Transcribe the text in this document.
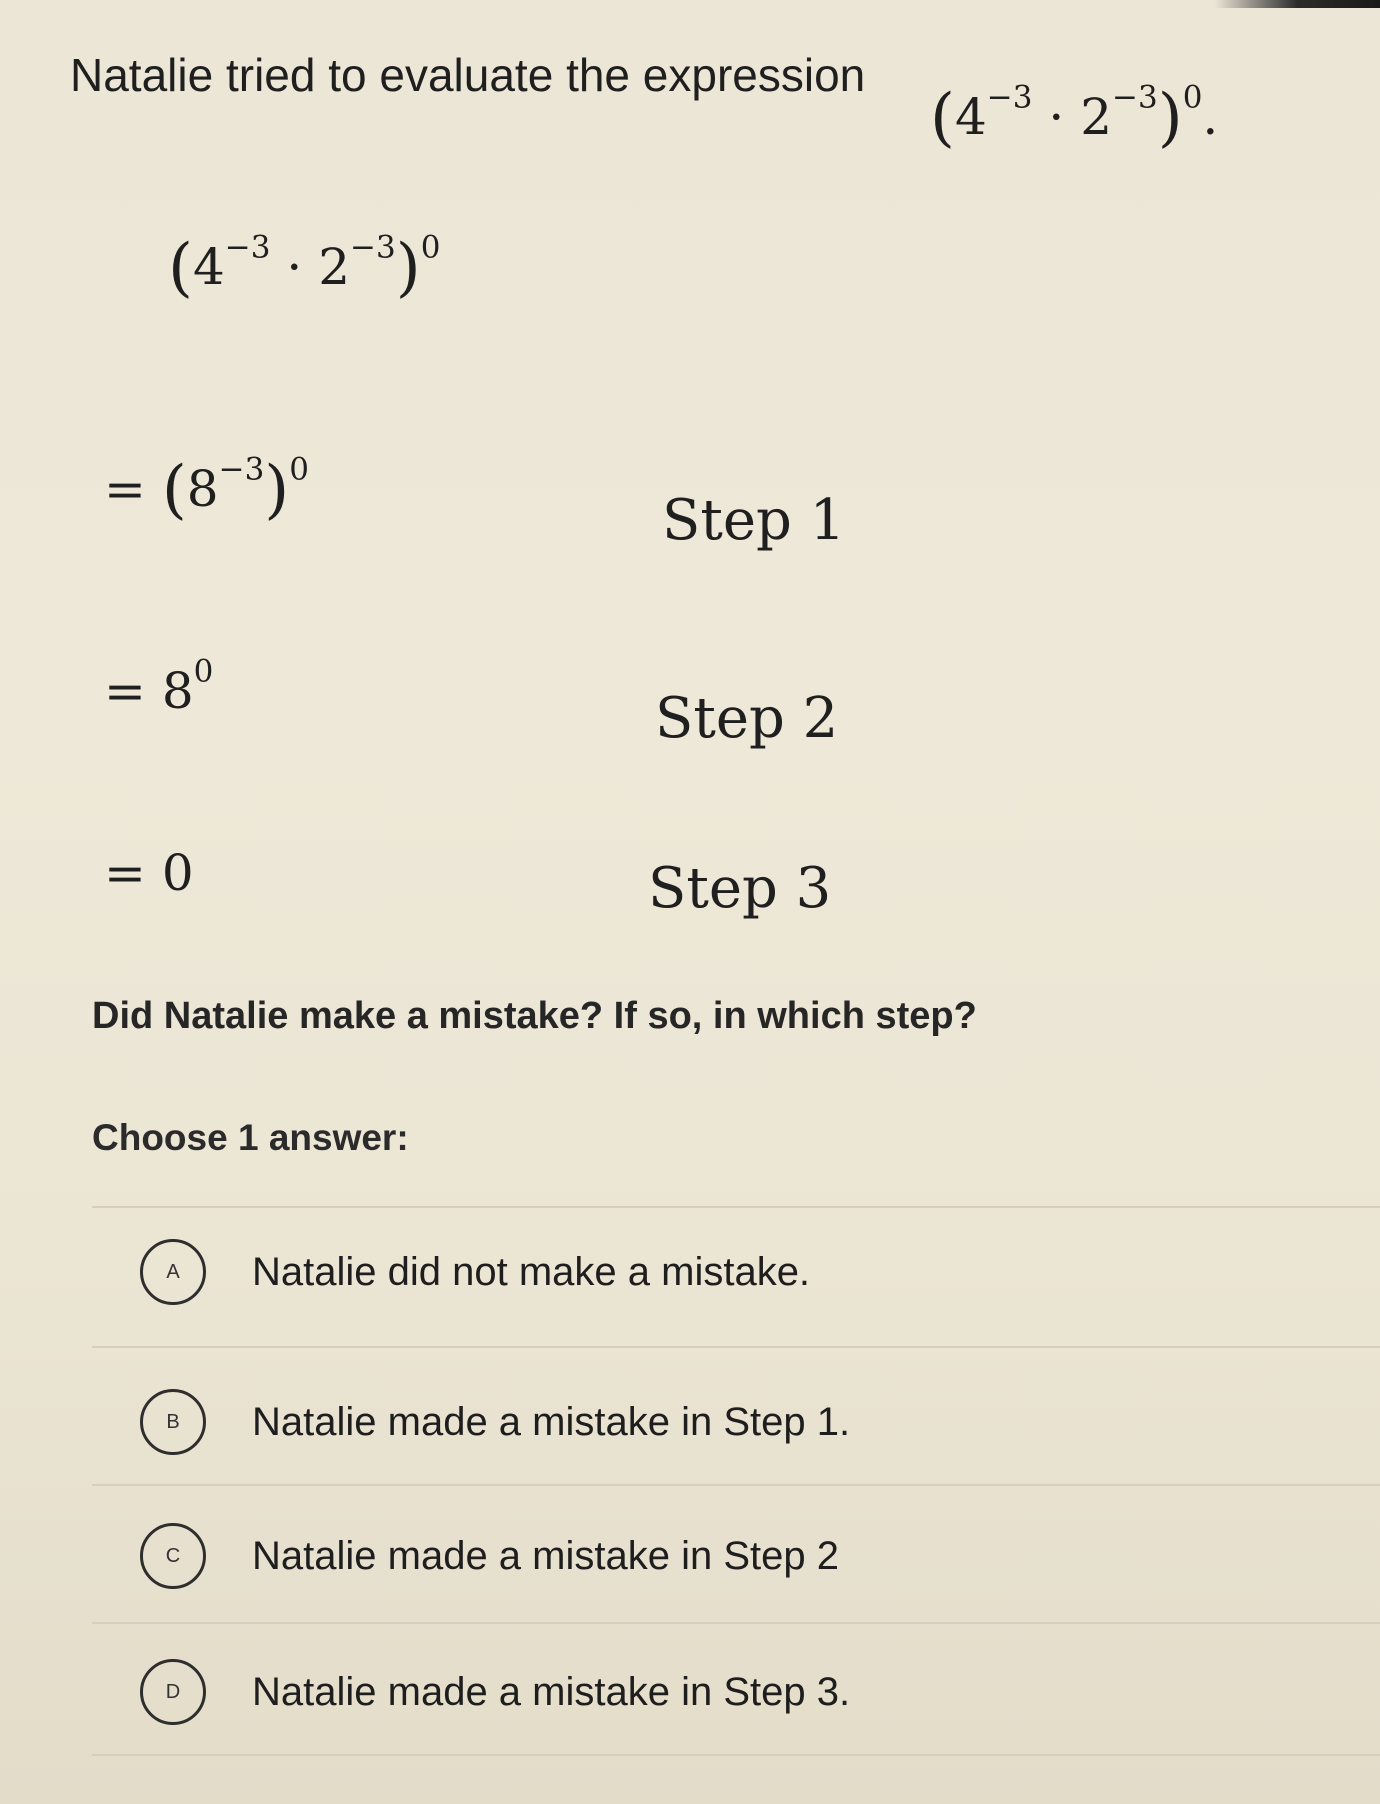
Natalie tried to evaluate the expression
$(4^{-3} \cdot 2^{-3})^0$.
$(4^{-3} \cdot 2^{-3})^0$
= $(8^{-3})^0$
Step 1
= $8^0$
Step 2
= 0	Step 3
Did Natalie make a mistake? If so, in which step?
Choose 1 answer:
A	Natalie did not make a mistake.
B	Natalie made a mistake in Step 1.
C	Natalie made a mistake in Step 2
D	Natalie made a mistake in Step 3.
